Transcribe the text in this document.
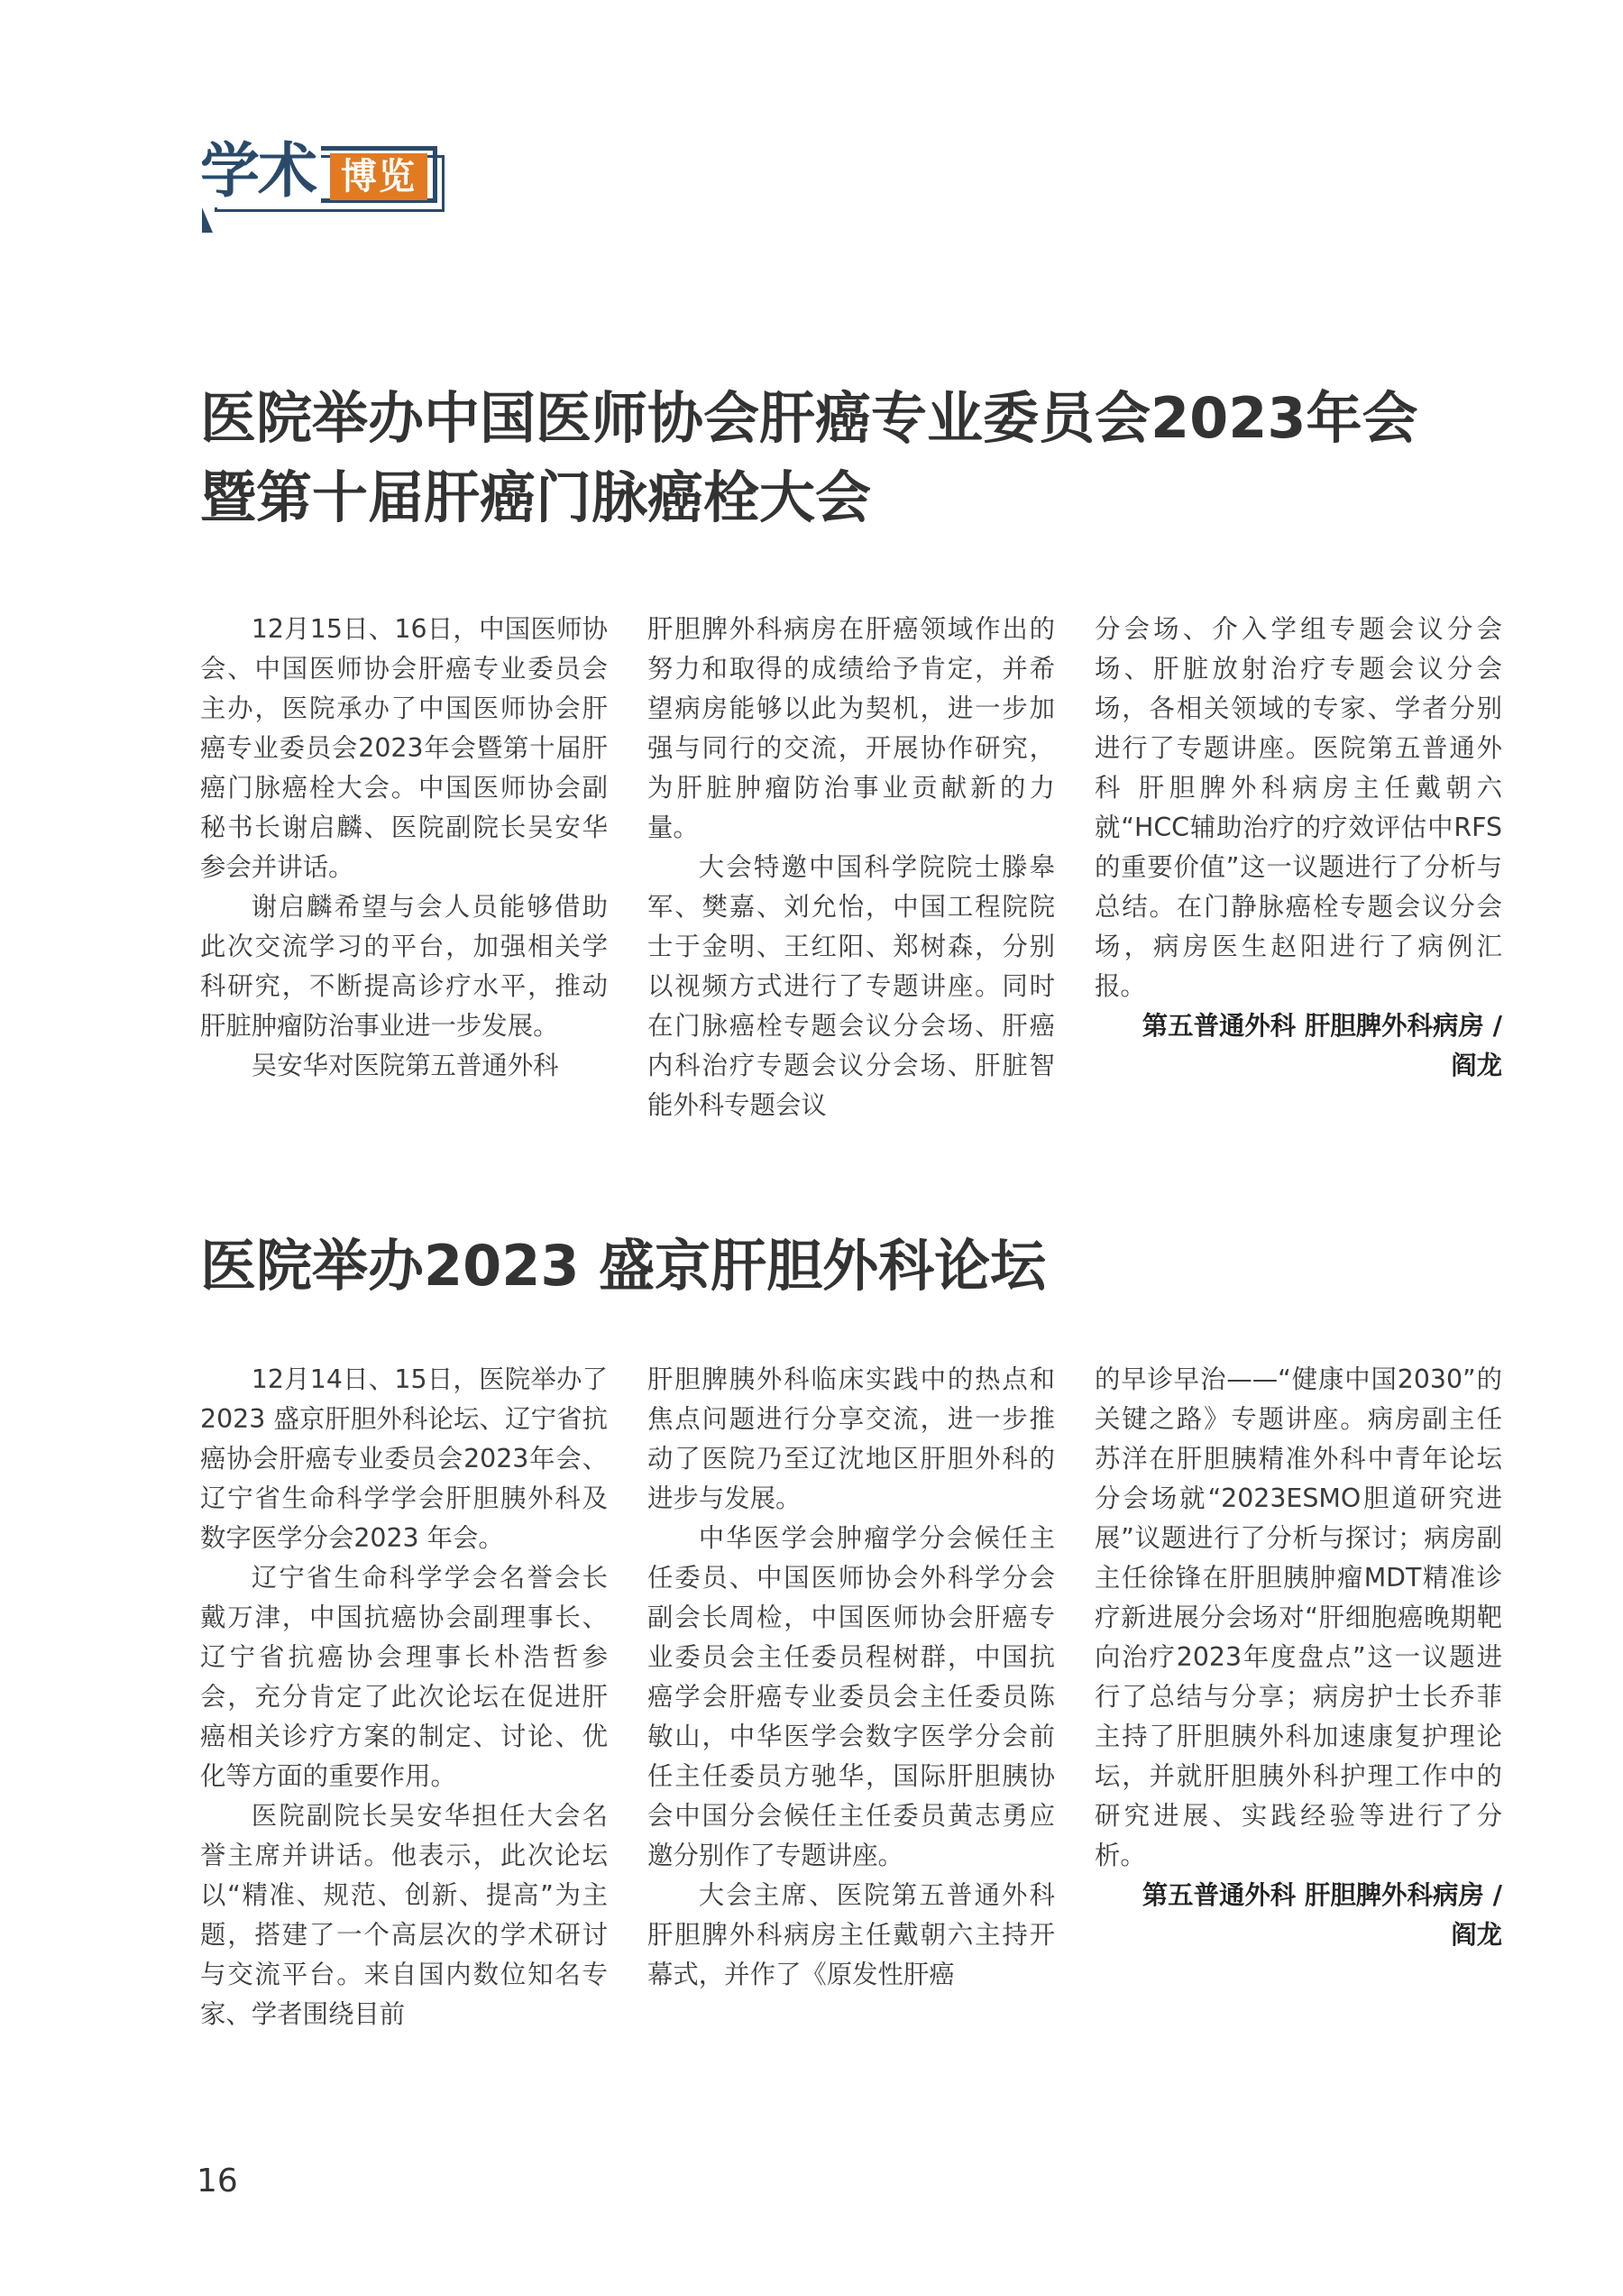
学术 博览
医院举办中国医师协会肝癌专业委员会2023年会
暨第十届肝癌门脉癌栓大会

12月15日、16日，中国医师协会、中国医师协会肝癌专业委员会主办，医院承办了中国医师协会肝癌专业委员会2023年会暨第十届肝癌门脉癌栓大会。中国医师协会副秘书长谢启麟、医院副院长吴安华参会并讲话。

谢启麟希望与会人员能够借助此次交流学习的平台，加强相关学科研究，不断提高诊疗水平，推动肝脏肿瘤防治事业进一步发展。

吴安华对医院第五普通外科

肝胆脾外科病房在肝癌领域作出的努力和取得的成绩给予肯定，并希望病房能够以此为契机，进一步加强与同行的交流，开展协作研究，为肝脏肿瘤防治事业贡献新的力量。

大会特邀中国科学院院士滕皋军、樊嘉、刘允怡，中国工程院院士于金明、王红阳、郑树森，分别以视频方式进行了专题讲座。同时在门脉癌栓专题会议分会场、肝癌内科治疗专题会议分会场、肝脏智能外科专题会议

分会场、介入学组专题会议分会场、肝脏放射治疗专题会议分会场，各相关领域的专家、学者分别进行了专题讲座。医院第五普通外科 肝胆脾外科病房主任戴朝六就“HCC辅助治疗的疗效评估中RFS的重要价值”这一议题进行了分析与总结。在门静脉癌栓专题会议分会场，病房医生赵阳进行了病例汇报。

第五普通外科 肝胆脾外科病房 /

阎龙

医院举办2023 盛京肝胆外科论坛

12月14日、15日，医院举办了2023 盛京肝胆外科论坛、辽宁省抗癌协会肝癌专业委员会2023年会、辽宁省生命科学学会肝胆胰外科及数字医学分会2023 年会。

辽宁省生命科学学会名誉会长戴万津，中国抗癌协会副理事长、辽宁省抗癌协会理事长朴浩哲参会，充分肯定了此次论坛在促进肝癌相关诊疗方案的制定、讨论、优化等方面的重要作用。

医院副院长吴安华担任大会名誉主席并讲话。他表示，此次论坛以“精准、规范、创新、提高”为主题，搭建了一个高层次的学术研讨与交流平台。来自国内数位知名专家、学者围绕目前

肝胆脾胰外科临床实践中的热点和焦点问题进行分享交流，进一步推动了医院乃至辽沈地区肝胆外科的进步与发展。

中华医学会肿瘤学分会候任主任委员、中国医师协会外科学分会副会长周检，中国医师协会肝癌专业委员会主任委员程树群，中国抗癌学会肝癌专业委员会主任委员陈敏山，中华医学会数字医学分会前任主任委员方驰华，国际肝胆胰协会中国分会候任主任委员黄志勇应邀分别作了专题讲座。

大会主席、医院第五普通外科 肝胆脾外科病房主任戴朝六主持开幕式，并作了《原发性肝癌

的早诊早治——“健康中国2030”的关键之路》专题讲座。病房副主任苏洋在肝胆胰精准外科中青年论坛分会场就“2023ESMO胆道研究进展”议题进行了分析与探讨；病房副主任徐锋在肝胆胰肿瘤MDT精准诊疗新进展分会场对“肝细胞癌晚期靶向治疗2023年度盘点”这一议题进行了总结与分享；病房护士长乔菲主持了肝胆胰外科加速康复护理论坛，并就肝胆胰外科护理工作中的研究进展、实践经验等进行了分析。

第五普通外科 肝胆脾外科病房 /

阎龙

16
